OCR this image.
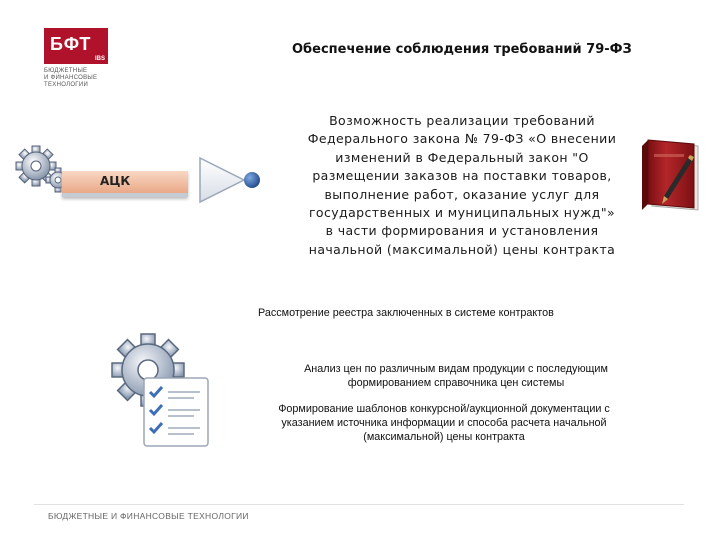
БФТ
IBS
БЮДЖЕТНЫЕ
И ФИНАНСОВЫЕ
ТЕХНОЛОГИИ
Обеспечение соблюдения требований 79-ФЗ
АЦК
Возможность реализации требований
Федерального закона № 79-ФЗ «О внесении
изменений в Федеральный закон "О
размещении заказов на поставки товаров,
выполнение работ, оказание услуг для
государственных и муниципальных нужд"»
в части формирования и установления
начальной (максимальной) цены контракта
Рассмотрение реестра заключенных в системе контрактов
Анализ цен по различным видам продукции с последующим
формированием справочника цен системы
Формирование шаблонов конкурсной/аукционной документации с
указанием источника информации и способа расчета начальной
(максимальной) цены контракта
БЮДЖЕТНЫЕ И ФИНАНСОВЫЕ ТЕХНОЛОГИИ
